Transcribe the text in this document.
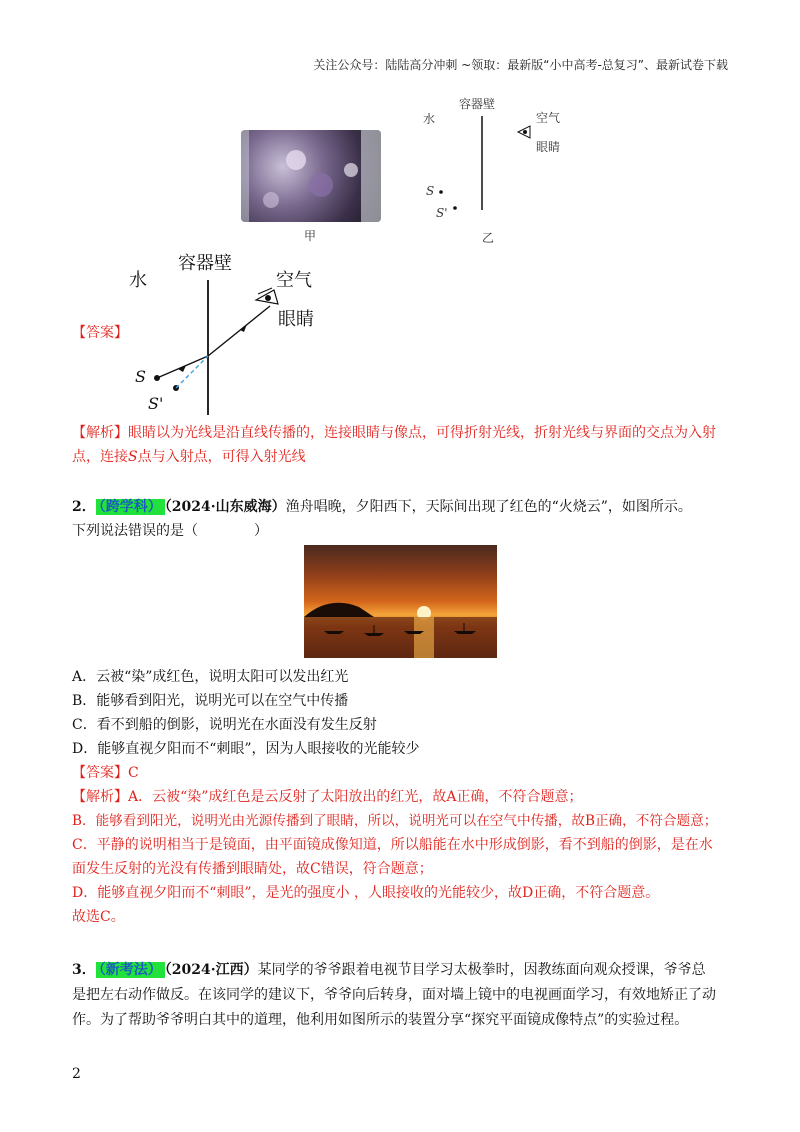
关注公众号：陆陆高分冲刺 ~领取：最新版“小中高考-总复习”、最新试卷下载
甲
水
容器壁
空气
眼睛
S
S'
乙
【答案】
水
容器壁
空气
眼睛
S
S'
【解析】眼睛以为光线是沿直线传播的，连接眼睛与像点，可得折射光线，折射光线与界面的交点为入射
点，连接S点与入射点，可得入射光线
2． （跨学科） （2024·山东威海）渔舟唱晚，夕阳西下，天际间出现了红色的“火烧云”，如图所示。
下列说法错误的是（　　　　）
A．云被“染”成红色，说明太阳可以发出红光
B．能够看到阳光，说明光可以在空气中传播
C．看不到船的倒影，说明光在水面没有发生反射
D．能够直视夕阳而不“刺眼”，因为人眼接收的光能较少
【答案】C
【解析】A．云被“染”成红色是云反射了太阳放出的红光，故A正确，不符合题意；
B．能够看到阳光，说明光由光源传播到了眼睛，所以，说明光可以在空气中传播，故B正确，不符合题意；
C．平静的说明相当于是镜面，由平面镜成像知道，所以船能在水中形成倒影，看不到船的倒影，是在水
面发生反射的光没有传播到眼睛处，故C错误，符合题意；
D．能够直视夕阳而不“刺眼”，是光的强度小 ，人眼接收的光能较少，故D正确，不符合题意。
故选C。
3． （新考法） （2024·江西）某同学的爷爷跟着电视节目学习太极拳时，因教练面向观众授课，爷爷总
是把左右动作做反。在该同学的建议下，爷爷向后转身，面对墙上镜中的电视画面学习，有效地矫正了动
作。为了帮助爷爷明白其中的道理，他利用如图所示的装置分享“探究平面镜成像特点”的实验过程。
2
